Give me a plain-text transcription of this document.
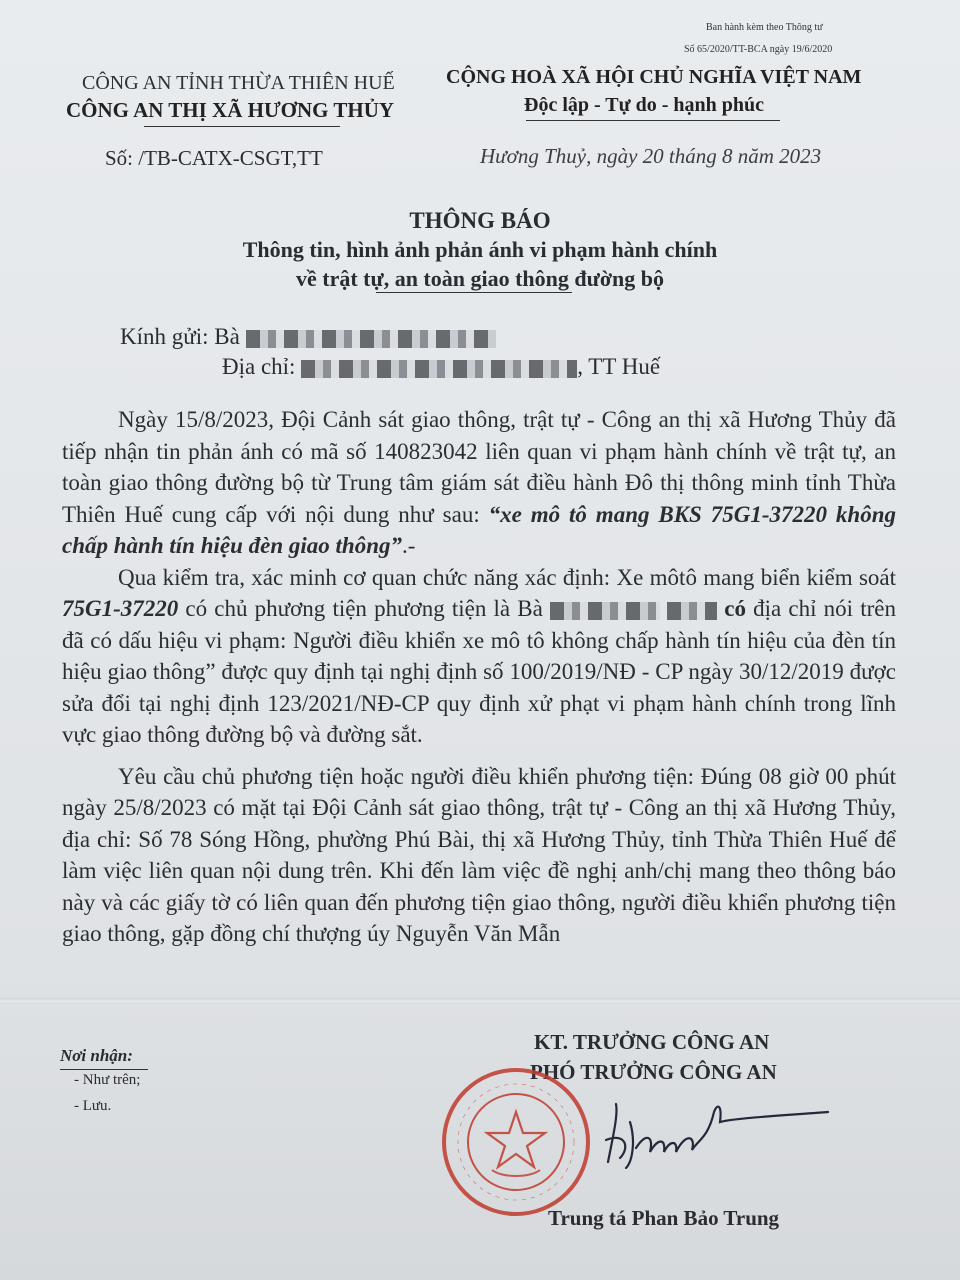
Ban hành kèm theo Thông tư
Số 65/2020/TT-BCA ngày 19/6/2020
CÔNG AN TỈNH THỪA THIÊN HUẾ
CÔNG AN THỊ XÃ HƯƠNG THỦY
Số: /TB-CATX-CSGT,TT
CỘNG HOÀ XÃ HỘI CHỦ NGHĨA VIỆT NAM
Độc lập - Tự do - hạnh phúc
Hương Thuỷ, ngày 20 tháng 8 năm 2023
THÔNG BÁO
Thông tin, hình ảnh phản ánh vi phạm hành chính
về trật tự, an toàn giao thông đường bộ
Kính gửi: Bà
Địa chỉ:	, TT Huế

Ngày 15/8/2023, Đội Cảnh sát giao thông, trật tự - Công an thị xã Hương Thủy đã tiếp nhận tin phản ánh có mã số 140823042 liên quan vi phạm hành chính về trật tự, an toàn giao thông đường bộ từ Trung tâm giám sát điều hành Đô thị thông minh tỉnh Thừa Thiên Huế cung cấp với nội dung như sau: “xe mô tô mang BKS 75G1-37220 không chấp hành tín hiệu đèn giao thông”.-

Qua kiểm tra, xác minh cơ quan chức năng xác định: Xe môtô mang biển kiểm soát 75G1-37220 có chủ phương tiện phương tiện là Bà	có địa chỉ nói trên đã có dấu hiệu vi phạm: Người điều khiển xe mô tô không chấp hành tín hiệu của đèn tín hiệu giao thông” được quy định tại nghị định số 100/2019/NĐ - CP ngày 30/12/2019 được sửa đổi tại nghị định 123/2021/NĐ-CP quy định xử phạt vi phạm hành chính trong lĩnh vực giao thông đường bộ và đường sắt.

Yêu cầu chủ phương tiện hoặc người điều khiển phương tiện: Đúng 08 giờ 00 phút ngày 25/8/2023 có mặt tại Đội Cảnh sát giao thông, trật tự - Công an thị xã Hương Thủy, địa chỉ: Số 78 Sóng Hồng, phường Phú Bài, thị xã Hương Thủy, tỉnh Thừa Thiên Huế để làm việc liên quan nội dung trên. Khi đến làm việc đề nghị anh/chị mang theo thông báo này và các giấy tờ có liên quan đến phương tiện giao thông, người điều khiển phương tiện giao thông, gặp đồng chí thượng úy Nguyễn Văn Mẫn

Nơi nhận:
- Như trên;
- Lưu.
KT. TRƯỞNG CÔNG AN
PHÓ TRƯỞNG CÔNG AN
Trung tá Phan Bảo Trung
